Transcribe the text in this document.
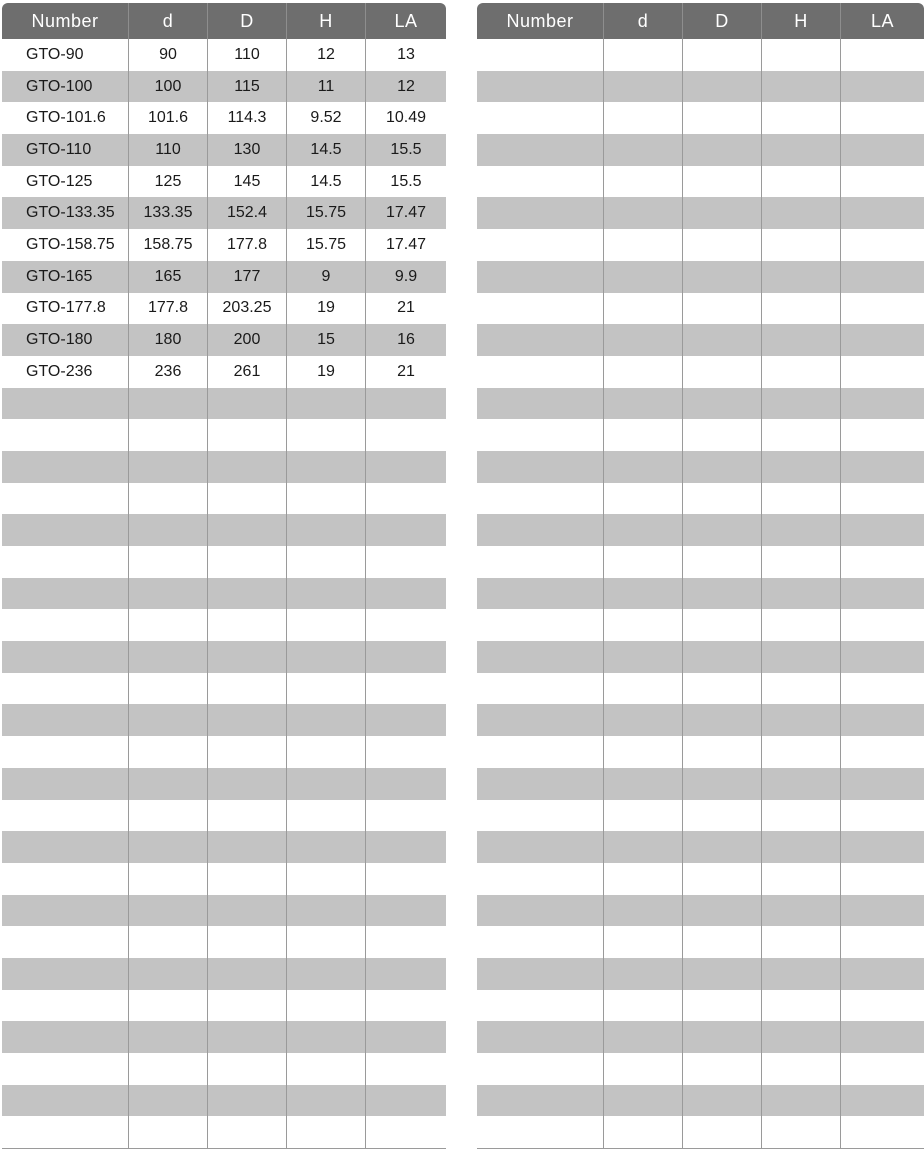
Number	d	D	H	LA
GTO-90	90	110	12	13
GTO-100	100	115	11	12
GTO-101.6	101.6	114.3	9.52	10.49
GTO-110	110	130	14.5	15.5
GTO-125	125	145	14.5	15.5
GTO-133.35	133.35	152.4	15.75	17.47
GTO-158.75	158.75	177.8	15.75	17.47
GTO-165	165	177	9	9.9
GTO-177.8	177.8	203.25	19	21
GTO-180	180	200	15	16
GTO-236	236	261	19	21

Number	d	D	H	LA
